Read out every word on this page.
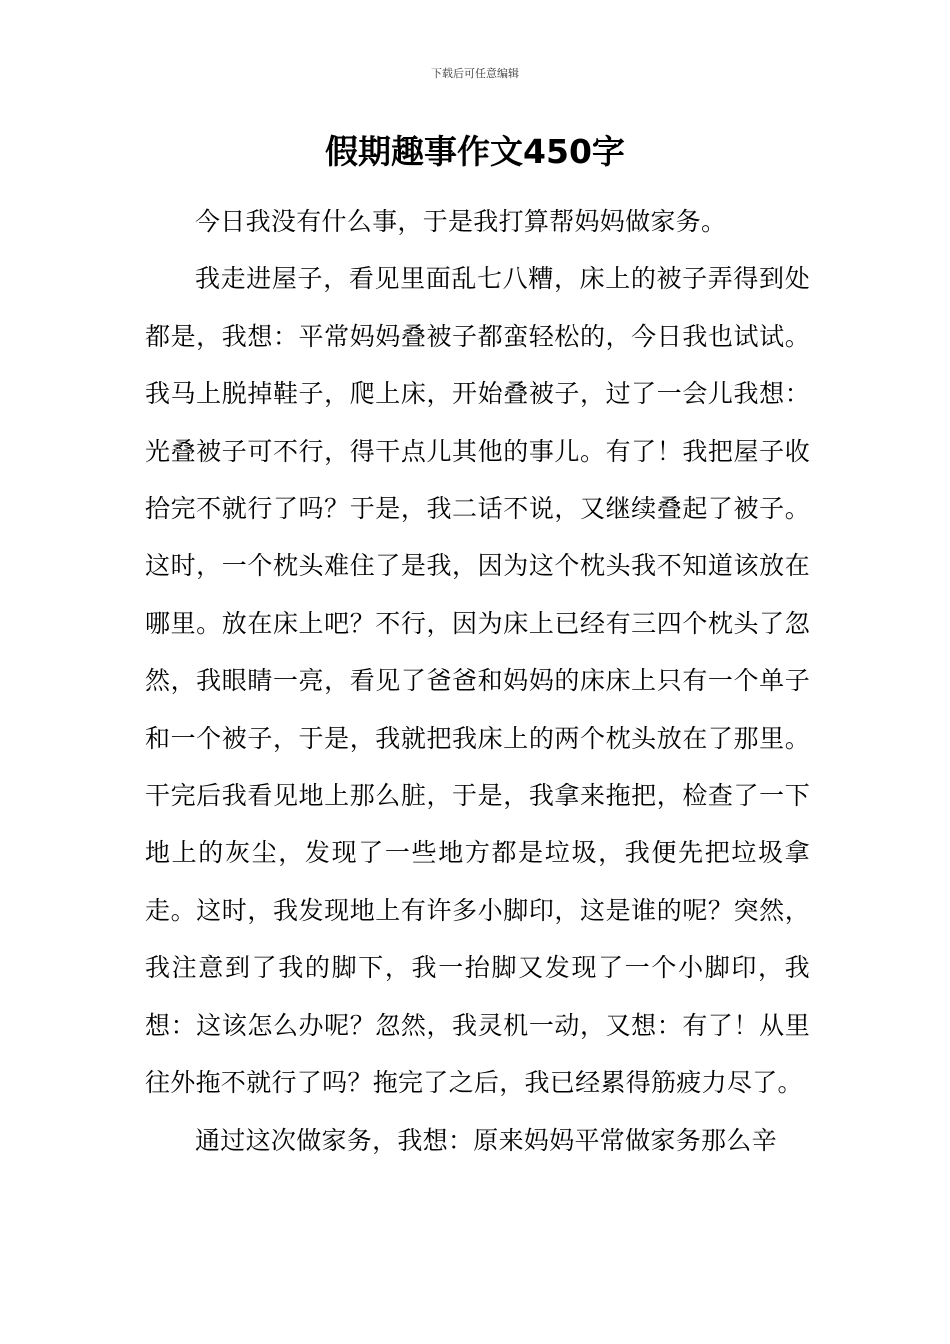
下载后可任意编辑
假期趣事作文450字

今日我没有什么事，于是我打算帮妈妈做家务。

我走进屋子，看见里面乱七八糟，床上的被子弄得到处都是，我想：平常妈妈叠被子都蛮轻松的，今日我也试试。我马上脱掉鞋子，爬上床，开始叠被子，过了一会儿我想：光叠被子可不行，得干点儿其他的事儿。有了！我把屋子收拾完不就行了吗？于是，我二话不说，又继续叠起了被子。这时，一个枕头难住了是我，因为这个枕头我不知道该放在哪里。放在床上吧？不行，因为床上已经有三四个枕头了忽然，我眼睛一亮，看见了爸爸和妈妈的床床上只有一个单子和一个被子，于是，我就把我床上的两个枕头放在了那里。干完后我看见地上那么脏，于是，我拿来拖把，检查了一下地上的灰尘，发现了一些地方都是垃圾，我便先把垃圾拿走。这时，我发现地上有许多小脚印，这是谁的呢？突然，我注意到了我的脚下，我一抬脚又发现了一个小脚印，我想：这该怎么办呢？忽然，我灵机一动，又想：有了！从里往外拖不就行了吗？拖完了之后，我已经累得筋疲力尽了。

通过这次做家务，我想：原来妈妈平常做家务那么辛
